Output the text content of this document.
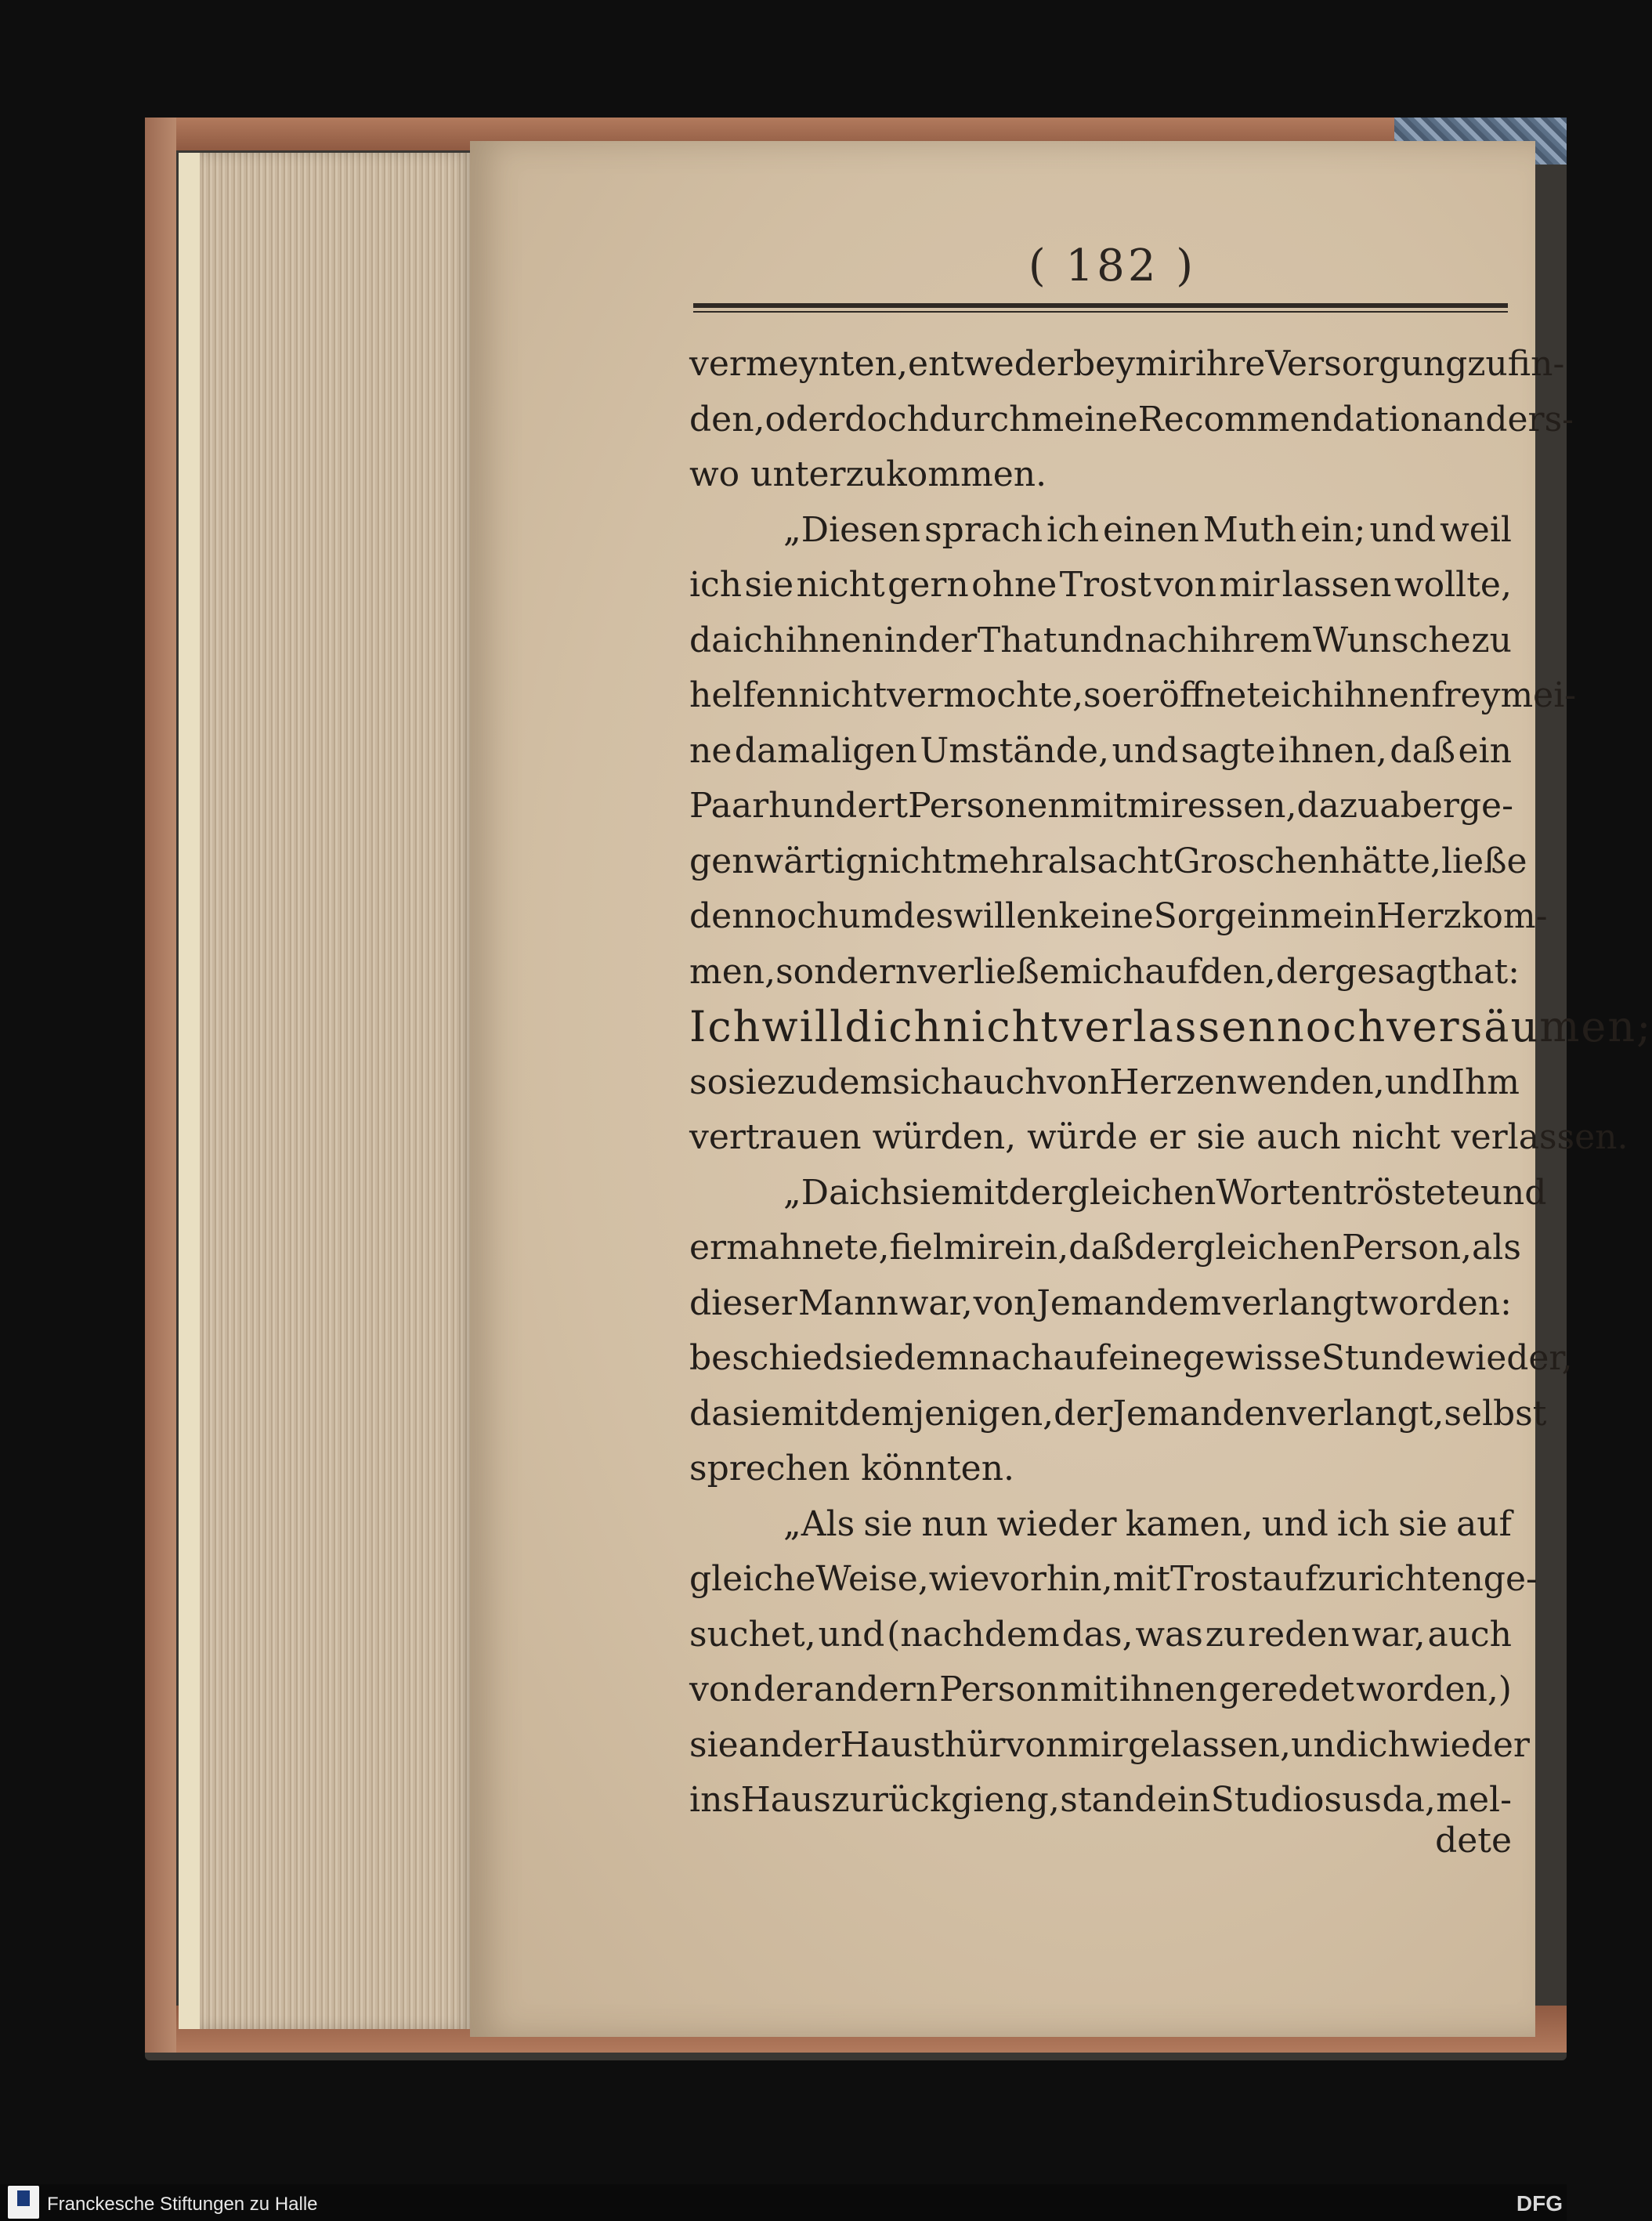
( 182 )
vermeynten, entweder bey mir ihre Versorgung zu fin-
den, oder doch durch meine Recommendation anders-
wo unterzukommen.
„Diesen sprach ich einen Muth ein; und weil
ich sie nicht gern ohne Trost von mir lassen wollte,
da ich ihnen in der That und nach ihrem Wunsche zu
helfen nicht vermochte, so eröffnete ich ihnen frey mei-
ne damaligen Umstände, und sagte ihnen, daß ein
Paar hundert Personen mit mir essen, dazu aber ge-
genwärtig nicht mehr als acht Groschen hätte, ließe
dennoch um deswillen keine Sorge in mein Herz kom-
men, sondern verließe mich auf den, der gesagt hat:
Ich will dich nicht verlassen noch versäumen;
so sie zu dem sich auch von Herzen wenden, und Ihm
vertrauen würden, würde er sie auch nicht verlassen.
„Da ich sie mit dergleichen Worten tröstete und
ermahnete, fiel mir ein, daß dergleichen Person, als
dieser Mann war, von Jemandem verlangt worden:
beschied sie demnach auf eine gewisse Stunde wieder,
da sie mit demjenigen, der Jemanden verlangt, selbst
sprechen könnten.
„Als sie nun wieder kamen, und ich sie auf
gleiche Weise, wie vorhin, mit Trost aufzurichten ge-
suchet, und (nachdem das, was zu reden war, auch
von der andern Person mit ihnen geredet worden,)
sie an der Hausthür von mir gelassen, und ich wieder
ins Haus zurück gieng, stand ein Studiosus da, mel-
dete
Franckesche Stiftungen zu Halle	DFG
